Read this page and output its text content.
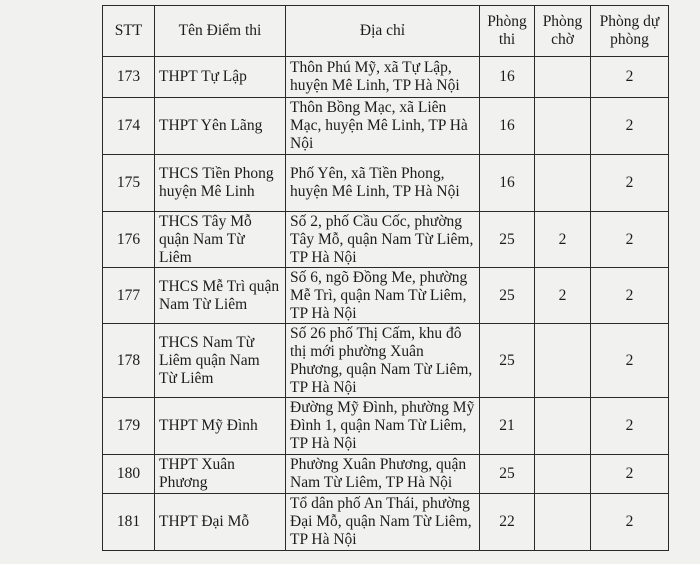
STT	Tên Điểm thi	Địa chỉ	Phòng thi	Phòng chờ	Phòng dự phòng
173	THPT Tự Lập	Thôn Phú Mỹ, xã Tự Lập, huyện Mê Linh, TP Hà Nội	16		2
174	THPT Yên Lãng	Thôn Bồng Mạc, xã Liên Mạc, huyện Mê Linh, TP Hà Nội	16		2
175	THCS Tiền Phong huyện Mê Linh	Phố Yên, xã Tiền Phong, huyện Mê Linh, TP Hà Nội	16		2
176	THCS Tây Mỗ quận Nam Từ Liêm	Số 2, phố Cầu Cốc, phường Tây Mỗ, quận Nam Từ Liêm, TP Hà Nội	25	2	2
177	THCS Mễ Trì quận Nam Từ Liêm	Số 6, ngõ Đồng Me, phường Mễ Trì, quận Nam Từ Liêm, TP Hà Nội	25	2	2
178	THCS Nam Từ Liêm quận Nam Từ Liêm	Số 26 phố Thị Cấm, khu đô thị mới phường Xuân Phương, quận Nam Từ Liêm, TP Hà Nội	25		2
179	THPT Mỹ Đình	Đường Mỹ Đình, phường Mỹ Đình 1, quận Nam Từ Liêm, TP Hà Nội	21		2
180	THPT Xuân Phương	Phường Xuân Phương, quận Nam Từ Liêm, TP Hà Nội	25		2
181	THPT Đại Mỗ	Tổ dân phố An Thái, phường Đại Mỗ, quận Nam Từ Liêm, TP Hà Nội	22		2
